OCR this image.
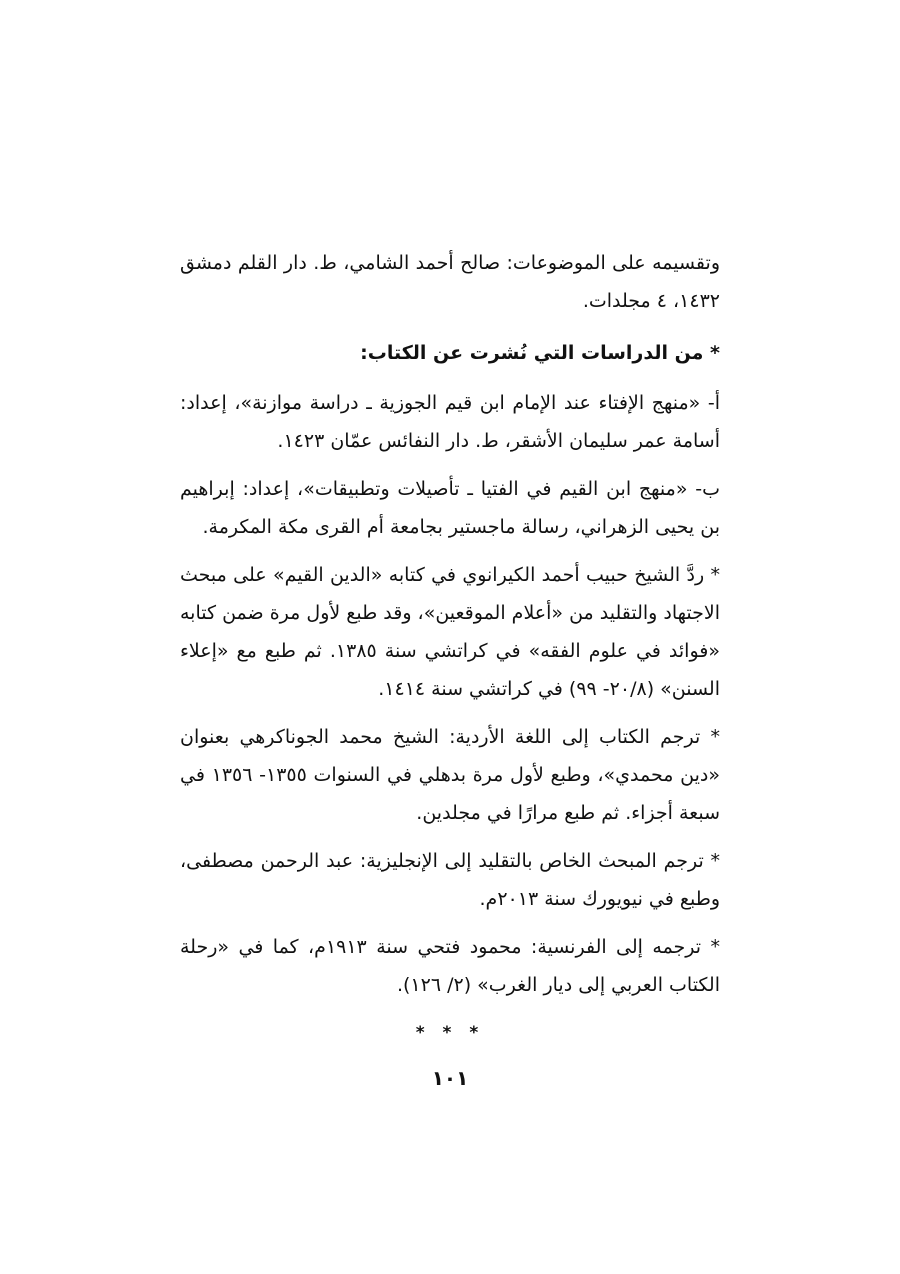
وتقسيمه على الموضوعات: صالح أحمد الشامي، ط. دار القلم دمشق ١٤٣٢، ٤ مجلدات.

* من الدراسات التي نُشرت عن الكتاب:

أ- «منهج الإفتاء عند الإمام ابن قيم الجوزية ـ دراسة موازنة»، إعداد: أسامة عمر سليمان الأشقر، ط. دار النفائس عمّان ١٤٢٣.

ب- «منهج ابن القيم في الفتيا ـ تأصيلات وتطبيقات»، إعداد: إبراهيم بن يحيى الزهراني، رسالة ماجستير بجامعة أم القرى مكة المكرمة.

* ردَّ الشيخ حبيب أحمد الكيرانوي في كتابه «الدين القيم» على مبحث الاجتهاد والتقليد من «أعلام الموقعين»، وقد طبع لأول مرة ضمن كتابه «فوائد في علوم الفقه» في كراتشي سنة ١٣٨٥. ثم طبع مع «إعلاء السنن» (٢٠/٨- ٩٩) في كراتشي سنة ١٤١٤.

* ترجم الكتاب إلى اللغة الأردية: الشيخ محمد الجوناكرهي بعنوان «دين محمدي»، وطبع لأول مرة بدهلي في السنوات ١٣٥٥- ١٣٥٦ في سبعة أجزاء. ثم طبع مرارًا في مجلدين.

* ترجم المبحث الخاص بالتقليد إلى الإنجليزية: عبد الرحمن مصطفى، وطبع في نيويورك سنة ٢٠١٣م.

* ترجمه إلى الفرنسية: محمود فتحي سنة ١٩١٣م، كما في «رحلة الكتاب العربي إلى ديار الغرب» (٢/ ١٢٦).

* * *
١٠١
